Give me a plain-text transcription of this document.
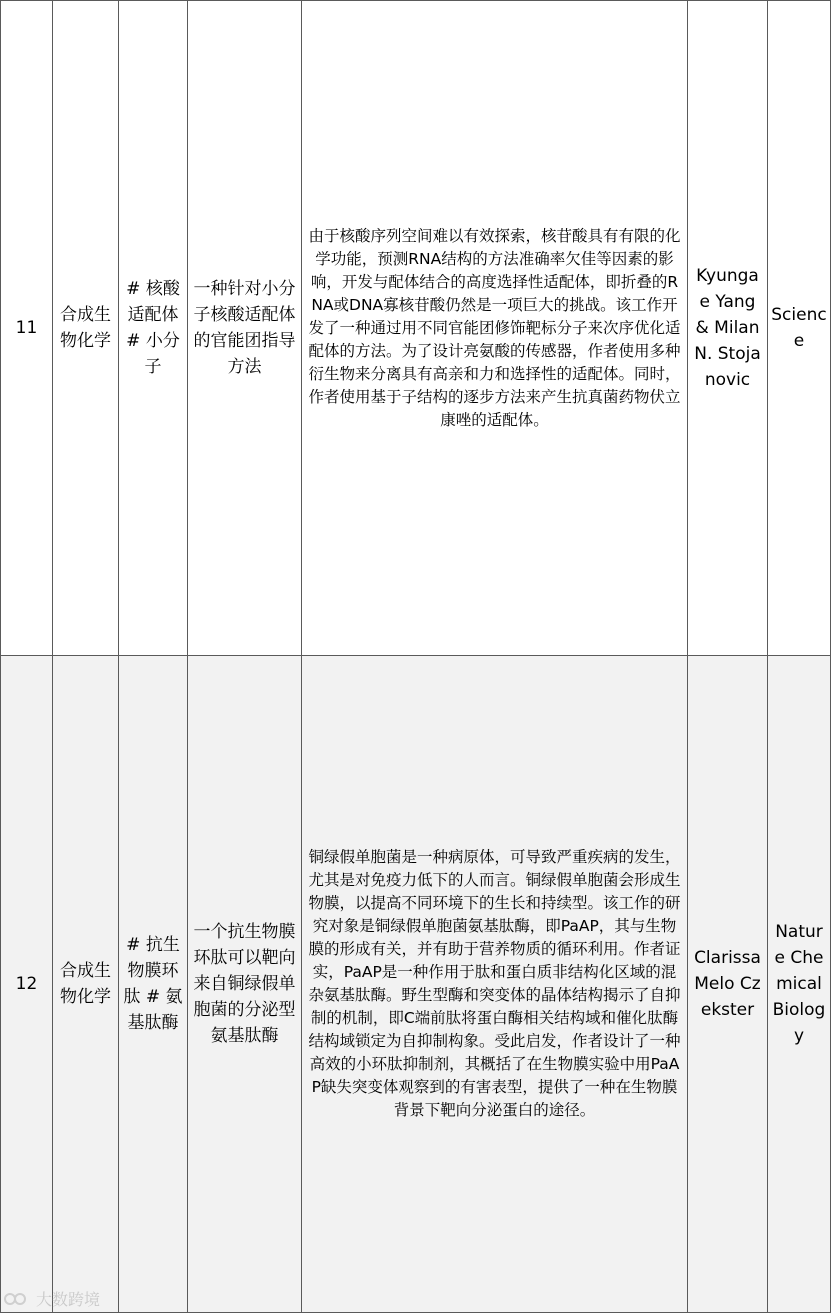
11	合成生物化学	# 核酸适配体 # 小分子	一种针对小分子核酸适配体的官能团指导方法	由于核酸序列空间难以有效探索，核苷酸具有有限的化学功能，预测RNA结构的方法准确率欠佳等因素的影响，开发与配体结合的高度选择性适配体，即折叠的RNA或DNA寡核苷酸仍然是一项巨大的挑战。该工作开发了一种通过用不同官能团修饰靶标分子来次序优化适配体的方法。为了设计亮氨酸的传感器，作者使用多种衍生物来分离具有高亲和力和选择性的适配体。同时，作者使用基于子结构的逐步方法来产生抗真菌药物伏立康唑的适配体。	Kyungae Yang & Milan N. Stojanovic	Science
12	合成生物化学	# 抗生物膜环肽 # 氨基肽酶	一个抗生物膜环肽可以靶向来自铜绿假单胞菌的分泌型氨基肽酶	铜绿假单胞菌是一种病原体，可导致严重疾病的发生，尤其是对免疫力低下的人而言。铜绿假单胞菌会形成生物膜，以提高不同环境下的生长和持续型。该工作的研究对象是铜绿假单胞菌氨基肽酶，即PaAP，其与生物膜的形成有关，并有助于营养物质的循环利用。作者证实，PaAP是一种作用于肽和蛋白质非结构化区域的混杂氨基肽酶。野生型酶和突变体的晶体结构揭示了自抑制的机制，即C端前肽将蛋白酶相关结构域和催化肽酶结构域锁定为自抑制构象。受此启发，作者设计了一种高效的小环肽抑制剂，其概括了在生物膜实验中用PaAP缺失突变体观察到的有害表型，提供了一种在生物膜背景下靶向分泌蛋白的途径。	Clarissa Melo Czekster	Nature Chemical Biology
大数跨境
